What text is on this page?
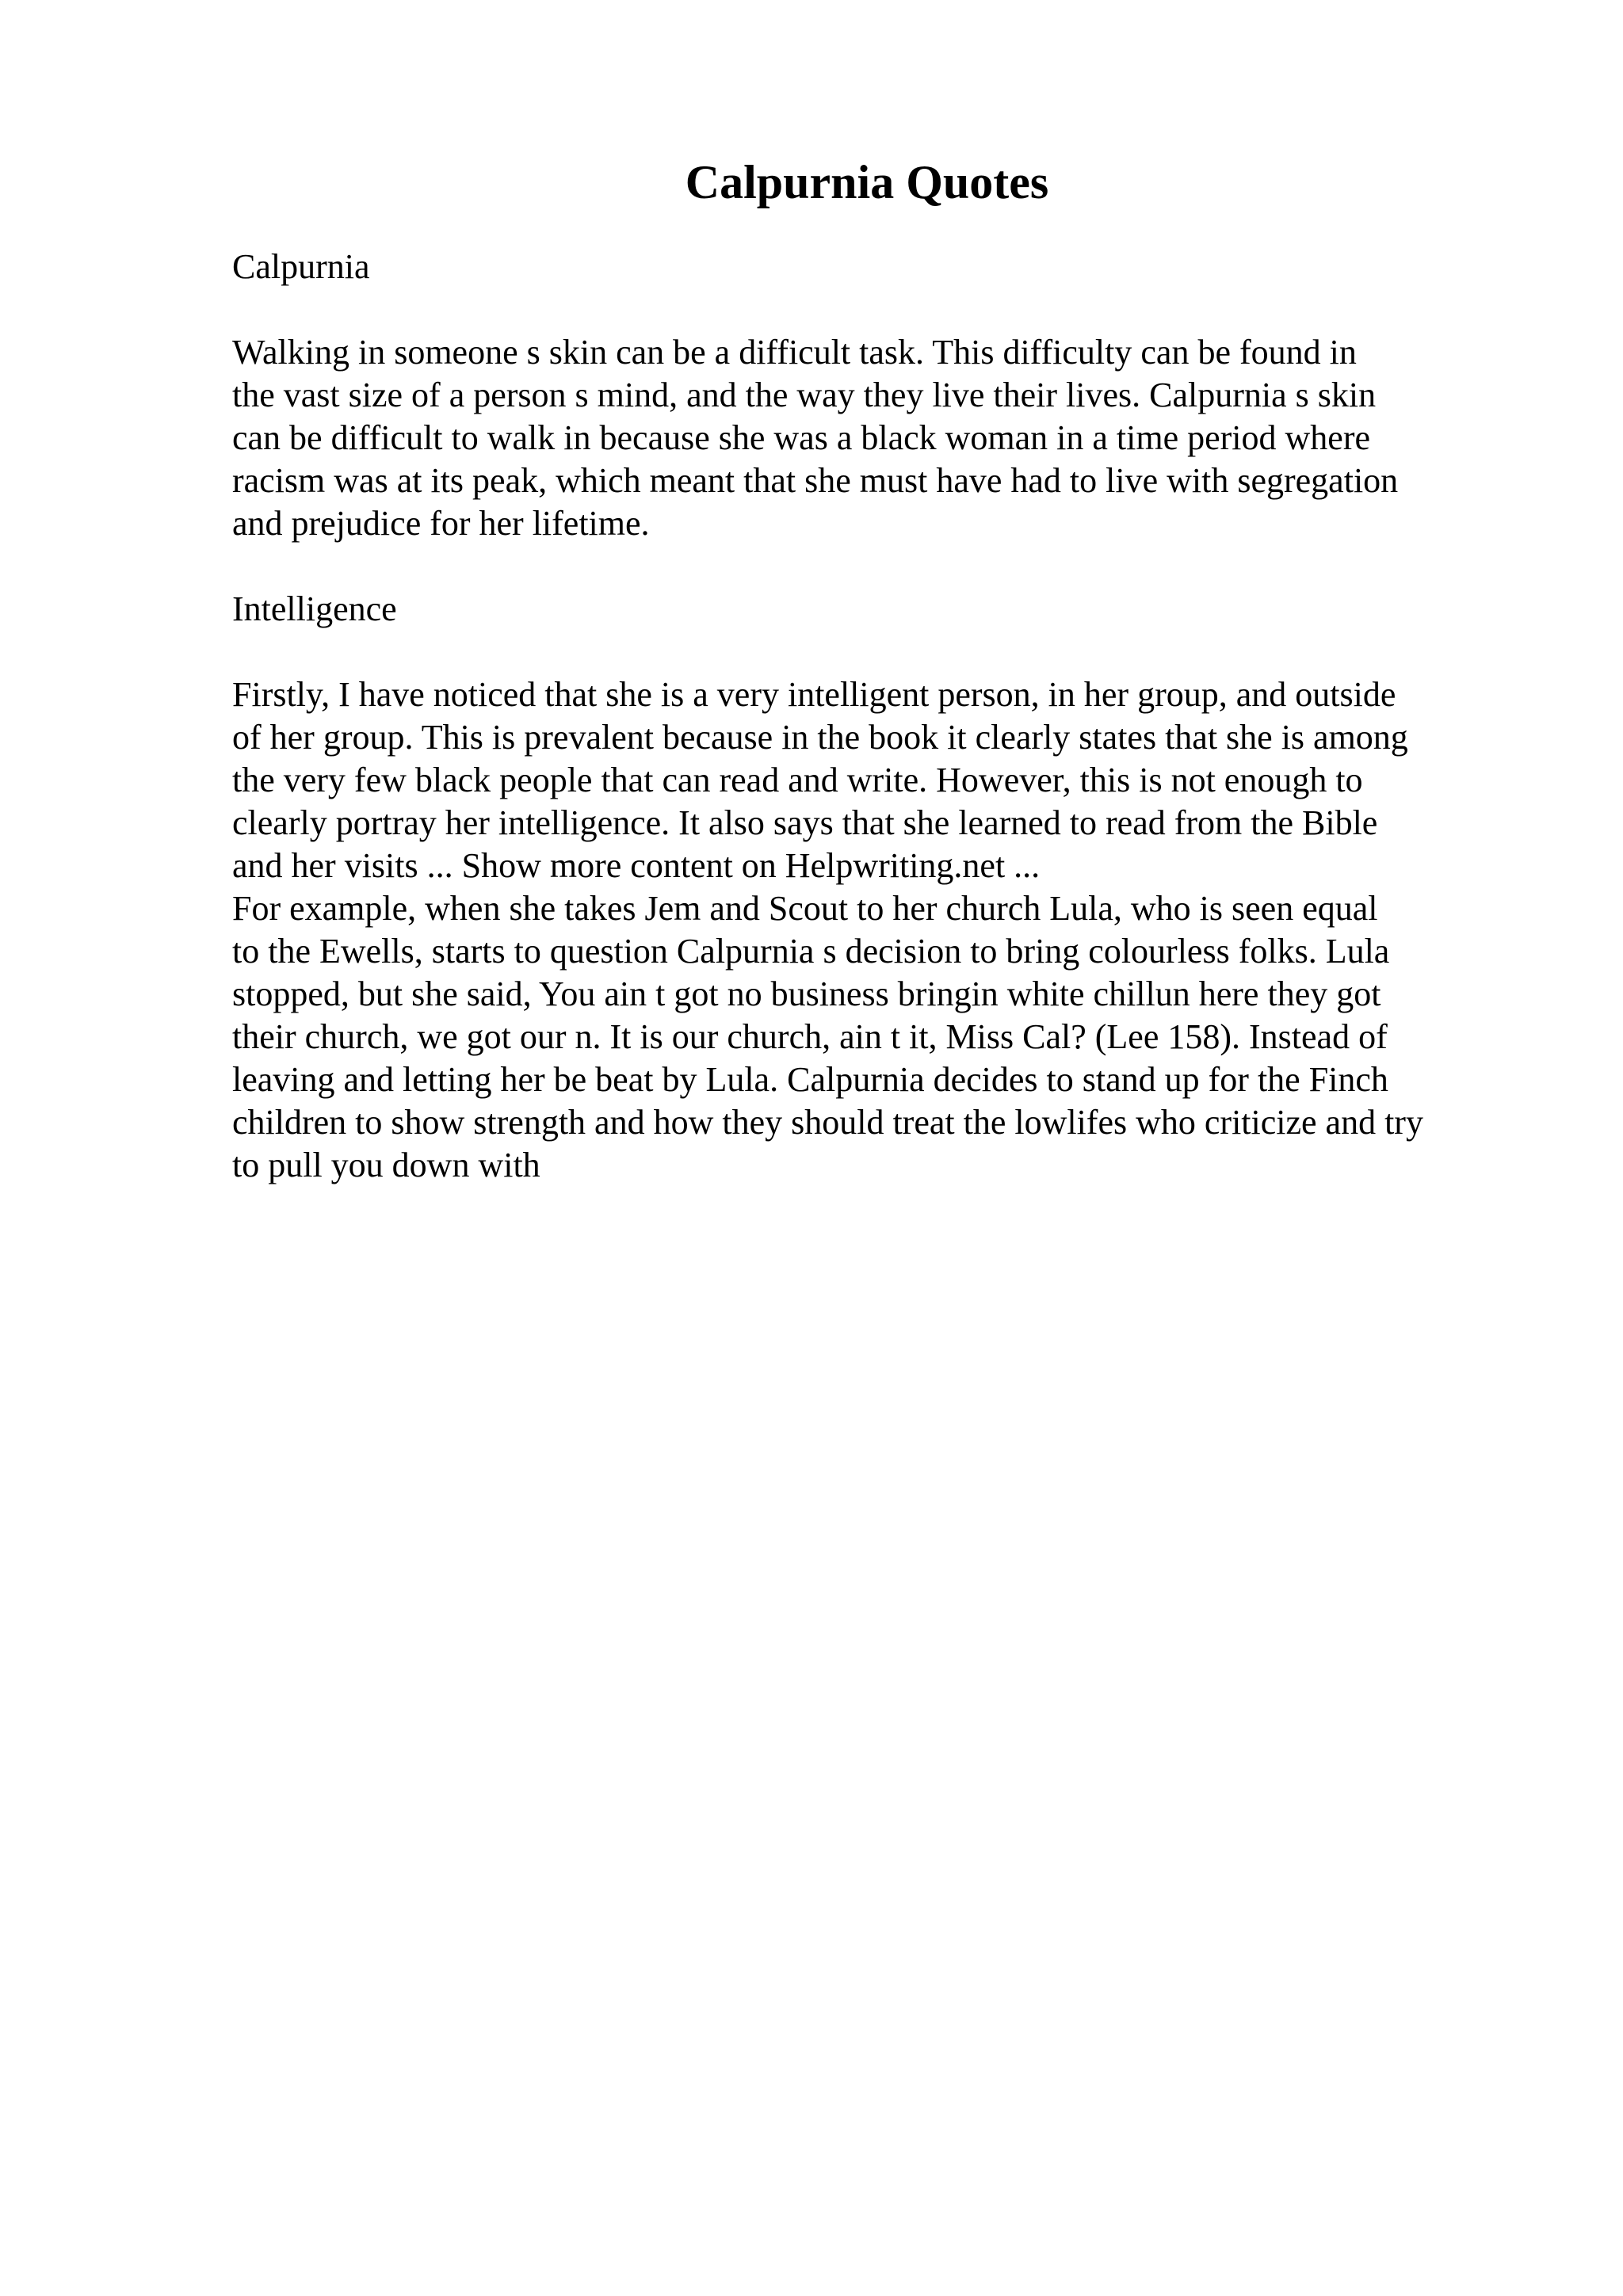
Calpurnia Quotes
Calpurnia
Walking in someone s skin can be a difficult task. This difficulty can be found in
the vast size of a person s mind, and the way they live their lives. Calpurnia s skin
can be difficult to walk in because she was a black woman in a time period where
racism was at its peak, which meant that she must have had to live with segregation
and prejudice for her lifetime.
Intelligence
Firstly, I have noticed that she is a very intelligent person, in her group, and outside
of her group. This is prevalent because in the book it clearly states that she is among
the very few black people that can read and write. However, this is not enough to
clearly portray her intelligence. It also says that she learned to read from the Bible
and her visits ... Show more content on Helpwriting.net ...
For example, when she takes Jem and Scout to her church Lula, who is seen equal
to the Ewells, starts to question Calpurnia s decision to bring colourless folks. Lula
stopped, but she said, You ain t got no business bringin white chillun here they got
their church, we got our n. It is our church, ain t it, Miss Cal? (Lee 158). Instead of
leaving and letting her be beat by Lula. Calpurnia decides to stand up for the Finch
children to show strength and how they should treat the lowlifes who criticize and try
to pull you down with
